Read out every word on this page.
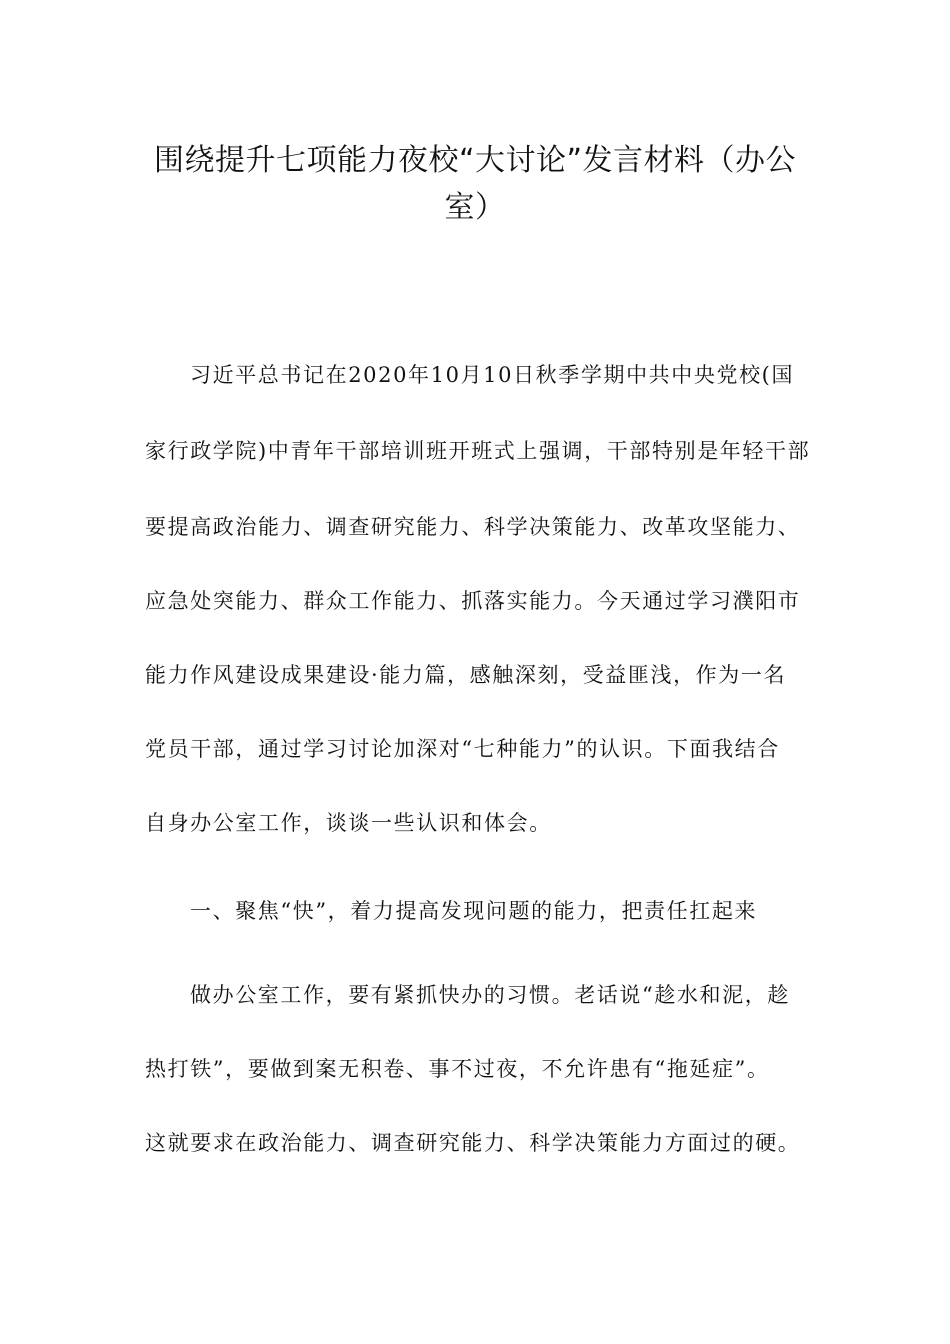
围绕提升七项能力夜校“大讨论”发言材料（办公
室）
习近平总书记在2020年10月10日秋季学期中共中央党校(国
家行政学院)中青年干部培训班开班式上强调，干部特别是年轻干部
要提高政治能力、调查研究能力、科学决策能力、改革攻坚能力、
应急处突能力、群众工作能力、抓落实能力。今天通过学习濮阳市
能力作风建设成果建设·能力篇，感触深刻，受益匪浅，作为一名
党员干部，通过学习讨论加深对“七种能力”的认识。下面我结合
自身办公室工作，谈谈一些认识和体会。
一、聚焦“快”，着力提高发现问题的能力，把责任扛起来
做办公室工作，要有紧抓快办的习惯。老话说“趁水和泥，趁
热打铁”，要做到案无积卷、事不过夜，不允许患有“拖延症”。
这就要求在政治能力、调查研究能力、科学决策能力方面过的硬。
